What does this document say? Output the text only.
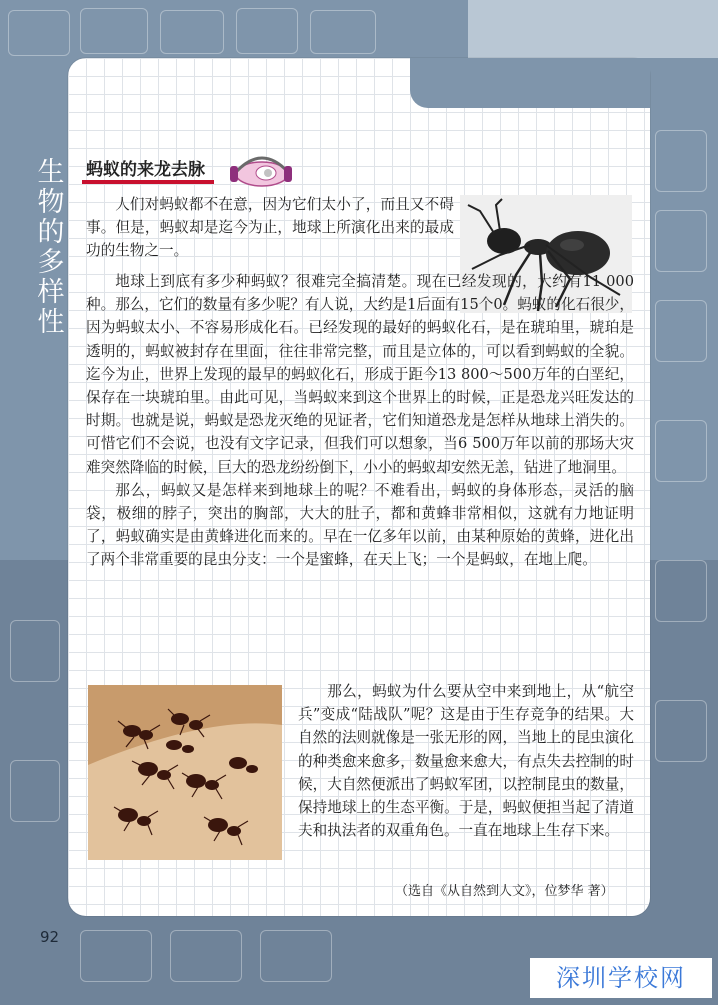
生
物
的
多
样
性
蚂蚁的来龙去脉

人们对蚂蚁都不在意，因为它们太小了，而且又不碍事。但是，蚂蚁却是迄今为止，地球上所演化出来的最成功的生物之一。

地球上到底有多少种蚂蚁？很难完全搞清楚。现在已经发现的，大约有11 000种。那么，它们的数量有多少呢？有人说，大约是1后面有15个0。蚂蚁的化石很少，因为蚂蚁太小、不容易形成化石。已经发现的最好的蚂蚁化石，是在琥珀里，琥珀是透明的，蚂蚁被封存在里面，往往非常完整，而且是立体的，可以看到蚂蚁的全貌。迄今为止，世界上发现的最早的蚂蚁化石，形成于距今13 800～500万年的白垩纪，保存在一块琥珀里。由此可见，当蚂蚁来到这个世界上的时候，正是恐龙兴旺发达的时期。也就是说，蚂蚁是恐龙灭绝的见证者，它们知道恐龙是怎样从地球上消失的。可惜它们不会说，也没有文字记录，但我们可以想象，当6 500万年以前的那场大灾难突然降临的时候，巨大的恐龙纷纷倒下，小小的蚂蚁却安然无恙，钻进了地洞里。

那么，蚂蚁又是怎样来到地球上的呢？不难看出，蚂蚁的身体形态，灵活的脑袋，极细的脖子，突出的胸部，大大的肚子，都和黄蜂非常相似，这就有力地证明了，蚂蚁确实是由黄蜂进化而来的。早在一亿多年以前，由某种原始的黄蜂，进化出了两个非常重要的昆虫分支：一个是蜜蜂，在天上飞；一个是蚂蚁，在地上爬。

那么，蚂蚁为什么要从空中来到地上，从“航空兵”变成“陆战队”呢？这是由于生存竞争的结果。大自然的法则就像是一张无形的网，当地上的昆虫演化的种类愈来愈多，数量愈来愈大，有点失去控制的时候，大自然便派出了蚂蚁军团，以控制昆虫的数量，保持地球上的生态平衡。于是，蚂蚁便担当起了清道夫和执法者的双重角色。一直在地球上生存下来。

（选自《从自然到人文》，位梦华 著）
92
深圳学校网
